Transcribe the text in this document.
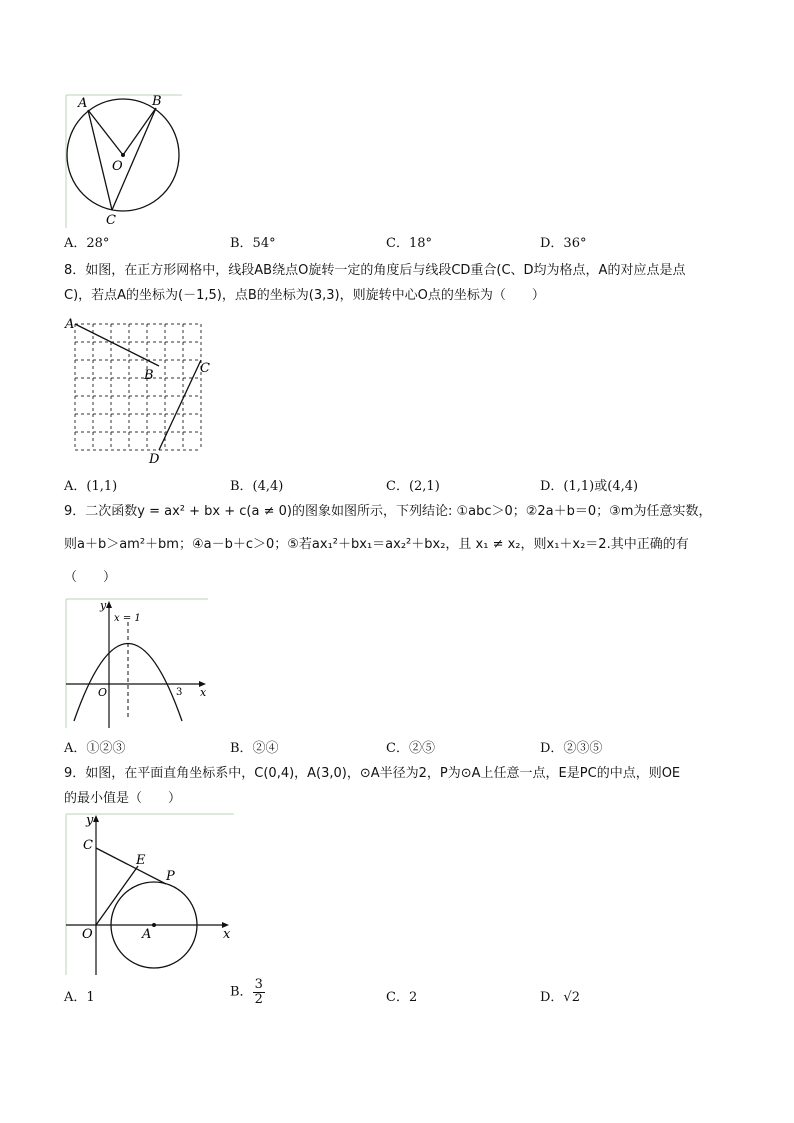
A	B
O
C
A．28°	B．54°	C．18°	D．36°
8．如图，在正方形网格中，线段AB绕点O旋转一定的角度后与线段CD重合(C、D均为格点，A的对应点是点
C)，若点A的坐标为(－1,5)，点B的坐标为(3,3)，则旋转中心O点的坐标为（　　）
A
B	C
D
A．(1,1)	B．(4,4)	C．(2,1)	D．(1,1)或(4,4)
9．二次函数y = ax² + bx + c(a ≠ 0)的图象如图所示，下列结论: ①abc＞0；②2a＋b＝0；③m为任意实数，
则a＋b＞am²＋bm；④a－b＋c＞0；⑤若ax₁²＋bx₁＝ax₂²＋bx₂，且 x₁ ≠ x₂，则x₁＋x₂＝2.其中正确的有
（　　）
y
x = 1
O	3 x
A．①②③	B．②④	C．②⑤	D．②③⑤
9．如图，在平面直角坐标系中，C(0,4)，A(3,0)，⊙A半径为2，P为⊙A上任意一点，E是PC的中点，则OE
的最小值是（　　）
y
C
E
P
O	A	x
A．1	B． $\frac{3}{2}$	C．2	D．√2
